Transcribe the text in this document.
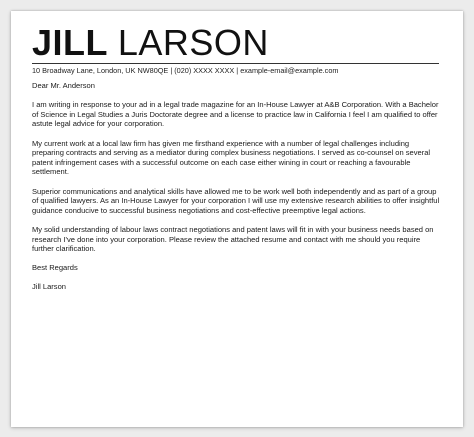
JILL LARSON
10 Broadway Lane, London, UK NW80QE | (020) XXXX XXXX | example-email@example.com

Dear Mr. Anderson

I am writing in response to your ad in a legal trade magazine for an In-House Lawyer at A&B Corporation. With a Bachelor of Science in Legal Studies a Juris Doctorate degree and a license to practice law in California I feel I am qualified to offer astute legal advice for your corporation.

My current work at a local law firm has given me firsthand experience with a number of legal challenges including preparing contracts and serving as a mediator during complex business negotiations. I served as co-counsel on several patent infringement cases with a successful outcome on each case either wining in court or reaching a favourable settlement.

Superior communications and analytical skills have allowed me to be work well both independently and as part of a group of qualified lawyers. As an In-House Lawyer for your corporation I will use my extensive research abilities to offer insightful guidance conducive to successful business negotiations and cost-effective preemptive legal actions.

My solid understanding of labour laws contract negotiations and patent laws will fit in with your business needs based on research I've done into your corporation. Please review the attached resume and contact with me should you require further clarification.

Best Regards

Jill Larson
